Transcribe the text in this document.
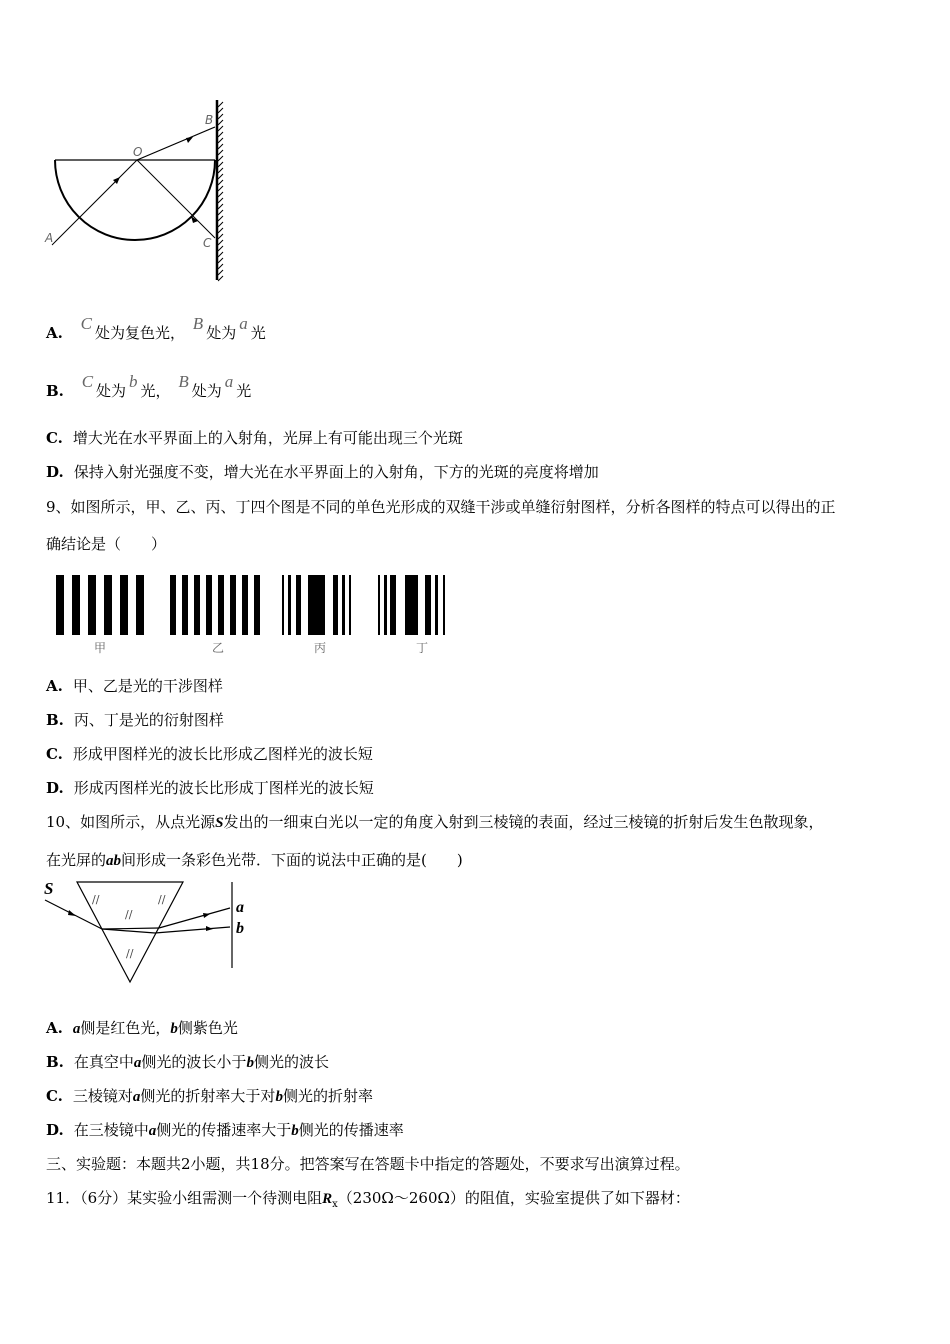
A
O
B
C
A. C 处为复色光， B 处为 a 光
B. C 处为 b 光， B 处为 a 光
C. 增大光在水平界面上的入射角，光屏上有可能出现三个光斑
D. 保持入射光强度不变，增大光在水平界面上的入射角，下方的光斑的亮度将增加
9、如图所示，甲、乙、丙、丁四个图是不同的单色光形成的双缝干涉或单缝衍射图样，分析各图样的特点可以得出的正
确结论是（　　）
甲	乙	丙	丁
A. 甲、乙是光的干涉图样
B. 丙、丁是光的衍射图样
C. 形成甲图样光的波长比形成乙图样光的波长短
D. 形成丙图样光的波长比形成丁图样光的波长短
10、如图所示，从点光源S发出的一细束白光以一定的角度入射到三棱镜的表面，经过三棱镜的折射后发生色散现象，
在光屏的ab间形成一条彩色光带．下面的说法中正确的是(　　)
//	//
//
//
S
a
b
A. a侧是红色光，b侧紫色光
B. 在真空中a侧光的波长小于b侧光的波长
C. 三棱镜对a侧光的折射率大于对b侧光的折射率
D. 在三棱镜中a侧光的传播速率大于b侧光的传播速率
三、实验题：本题共2小题，共18分。把答案写在答题卡中指定的答题处，不要求写出演算过程。
11．（6分）某实验小组需测一个待测电阻$R_x(230\Omega\sim 260\Omega)$的阻值，实验室提供了如下器材：
